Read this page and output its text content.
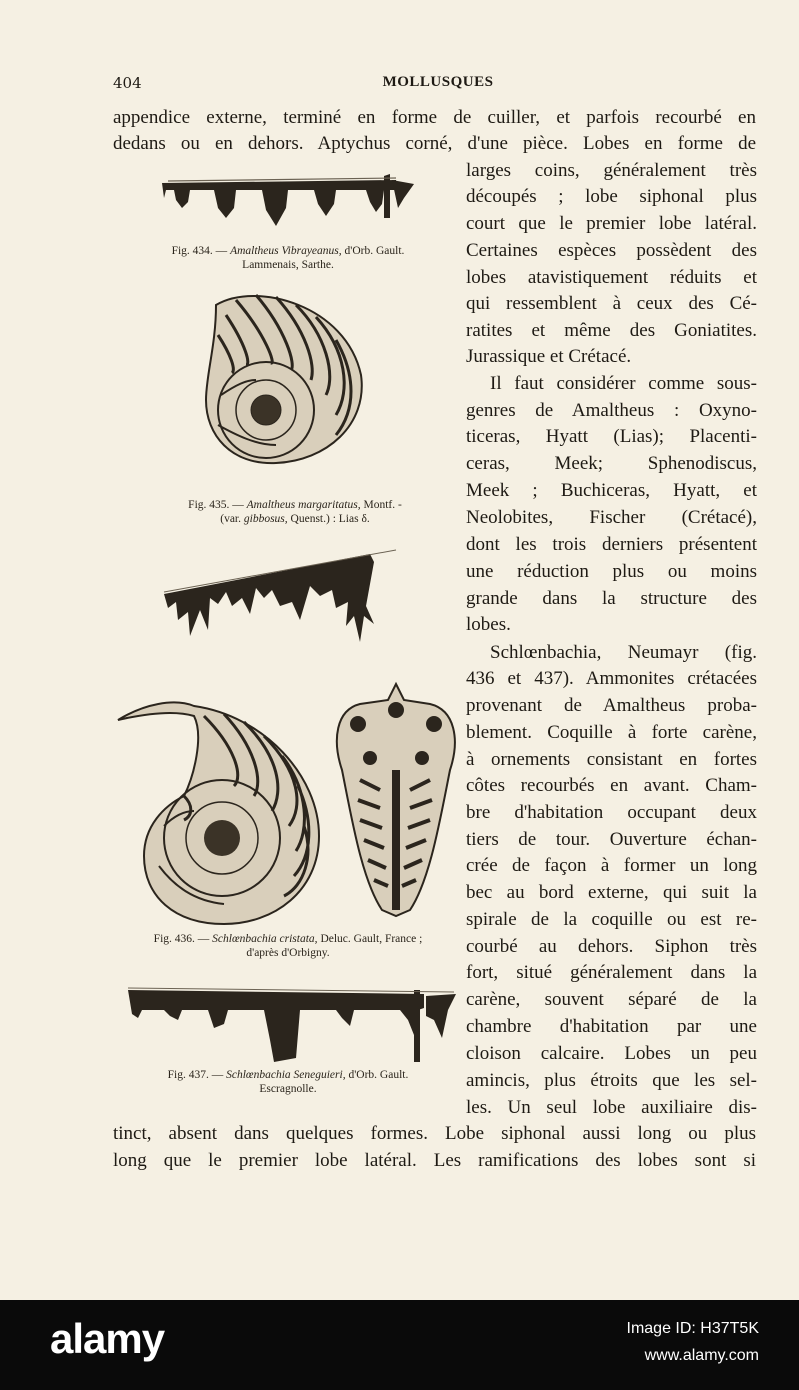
404	MOLLUSQUES
appendice externe, terminé en forme de cuiller, et parfois recourbé en
dedans ou en dehors. Aptychus corné, d'une pièce. Lobes en forme de
larges coins, généralement très
découpés ; lobe siphonal plus
court que le premier lobe latéral.
Certaines espèces possèdent des
lobes atavistiquement réduits et
qui ressemblent à ceux des Cé-
ratites et même des Goniatites.
Jurassique et Crétacé.
Il faut considérer comme sous-
genres de Amaltheus : Oxyno-
ticeras, Hyatt (Lias); Placenti-
ceras, Meek; Sphenodiscus,
Meek ; Buchiceras, Hyatt, et
Neolobites, Fischer (Crétacé),
dont les trois derniers présentent
une réduction plus ou moins
grande dans la structure des
lobes.
Schlœnbachia, Neumayr (fig.
436 et 437). Ammonites crétacées
provenant de Amaltheus proba-
blement. Coquille à forte carène,
à ornements consistant en fortes
côtes recourbés en avant. Cham-
bre d'habitation occupant deux
tiers de tour. Ouverture échan-
crée de façon à former un long
bec au bord externe, qui suit la
spirale de la coquille ou est re-
courbé au dehors. Siphon très
fort, situé généralement dans la
carène, souvent séparé de la
chambre d'habitation par une
cloison calcaire. Lobes un peu
amincis, plus étroits que les sel-
les. Un seul lobe auxiliaire dis-
tinct, absent dans quelques formes. Lobe siphonal aussi long ou plus
long que le premier lobe latéral. Les ramifications des lobes sont si
Fig. 434. — Amaltheus Vibrayeanus, d'Orb. Gault.
Lammenais, Sarthe.
Fig. 435. — Amaltheus margaritatus, Montf. -
(var. gibbosus, Quenst.) : Lias δ.
Fig. 436. — Schlœnbachia cristata, Deluc. Gault, France ;
d'après d'Orbigny.
Fig. 437. — Schlœnbachia Seneguieri, d'Orb. Gault.
Escragnolle.
alamy	Image ID: H37T5K
www.alamy.com
